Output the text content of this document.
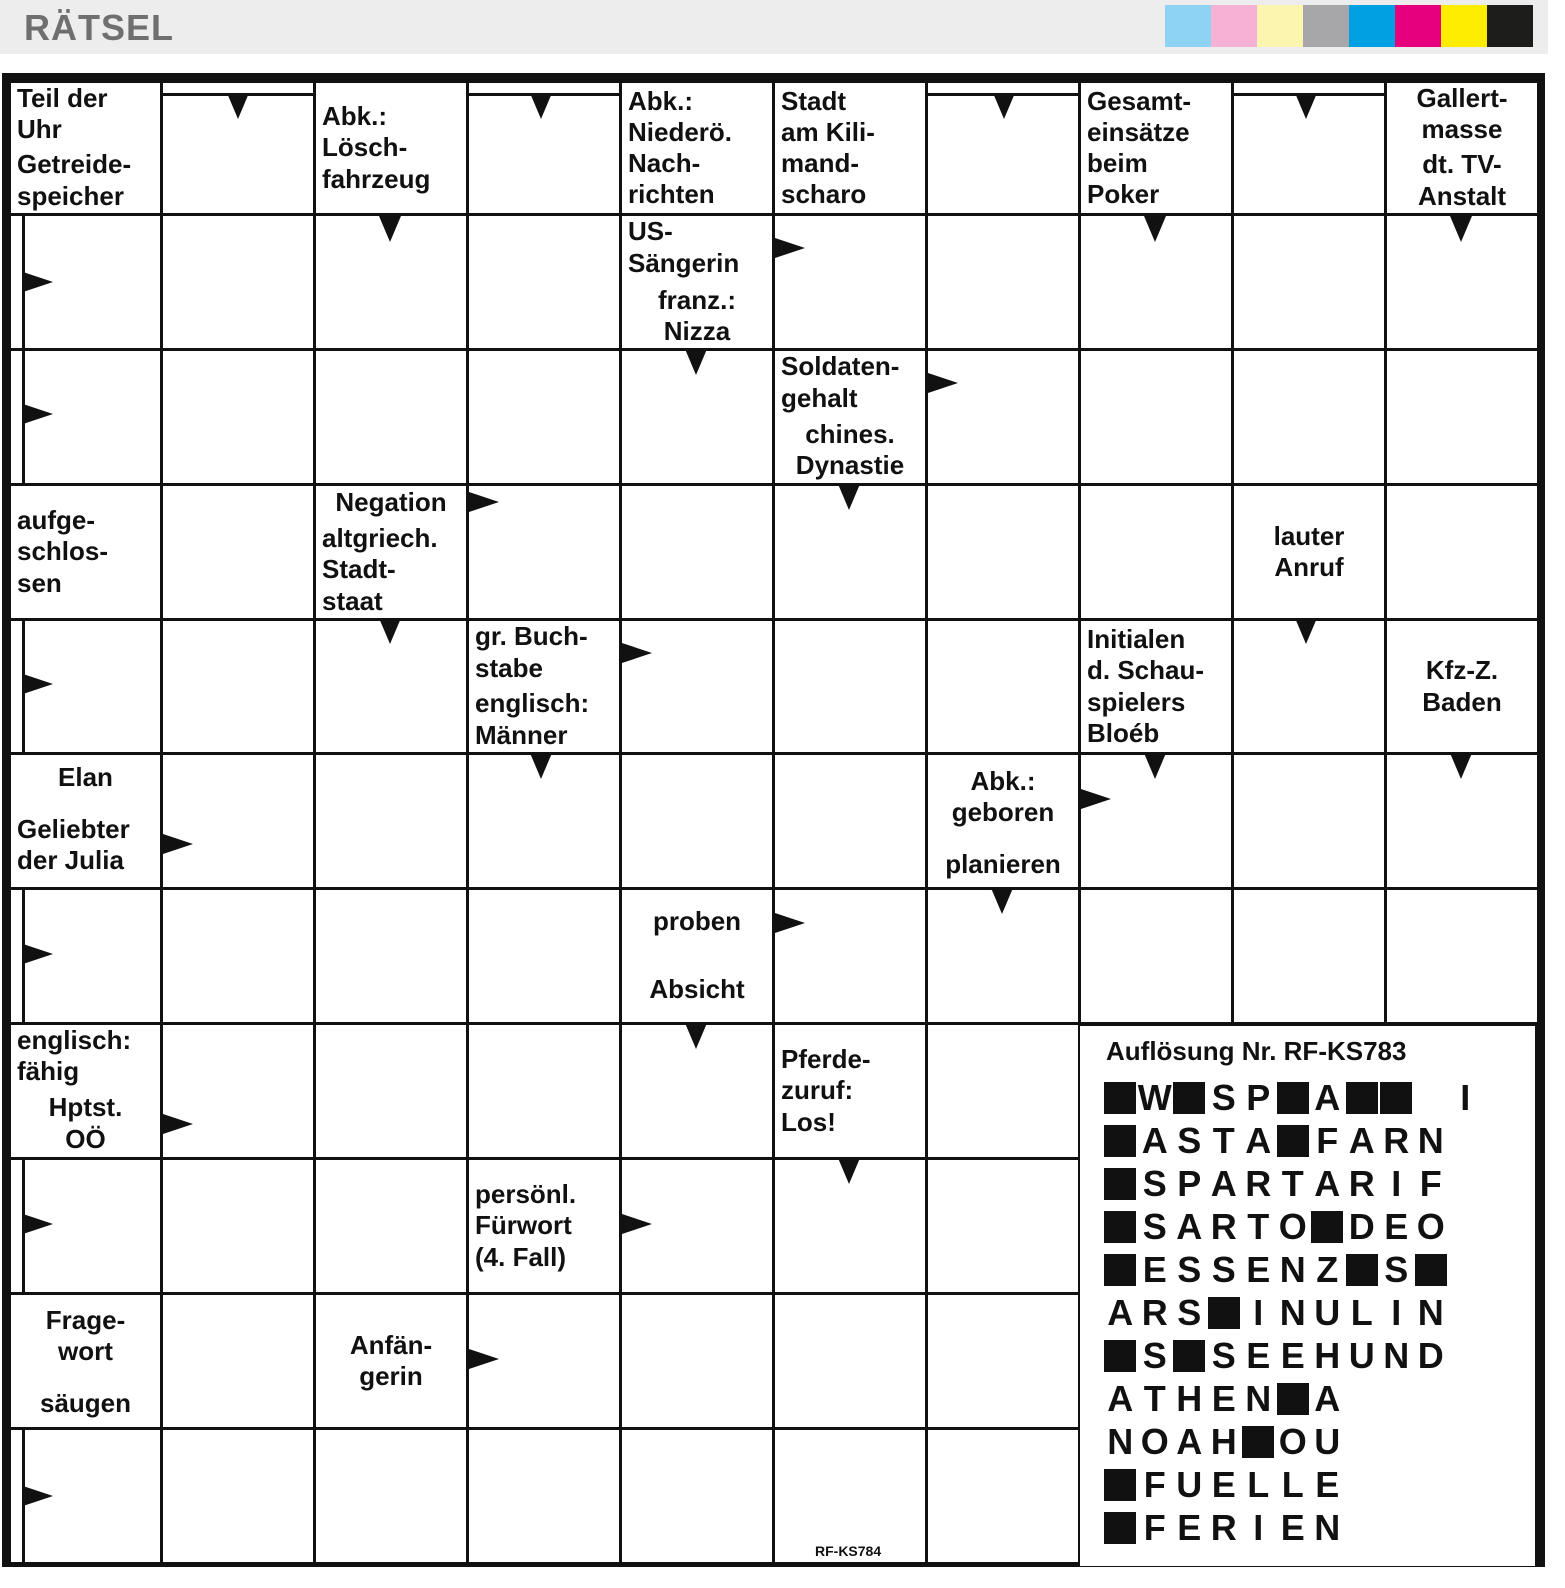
RÄTSEL
Teil der
Uhr
Getreide-
speicher
Abk.:
Lösch-
fahrzeug
Abk.:
Niederö.
Nach-
richten
Stadt
am Kili-
mand-
scharo
Gesamt-
einsätze
beim
Poker
Gallert-
masse
dt. TV-
Anstalt
US-
Sängerin
franz.:
Nizza
Soldaten-
gehalt
chines.
Dynastie
aufge-
schlos-
sen
Negation
altgriech.
Stadt-
staat
lauter
Anruf
gr. Buch-
stabe
englisch:
Männer
Initialen
d. Schau-
spielers
Bloéb
Kfz-Z.
Baden
Elan
Geliebter
der Julia
Abk.:
geboren
planieren
proben
Absicht
englisch:
fähig
Hptst.
OÖ
Pferde-
zuruf:
Los!
persönl.
Fürwort
(4. Fall)
Frage-
wort
säugen
Anfän-
gerin
Auflösung Nr. RF-KS783
W S P A	I
A S T A F A R N
S P A R T A R I F
S A R T O D E O
E S S E N Z S
A R S	I N U L I N
S S E E H U N D
A T H E N A
N O A H O U
F U E L L E
F E R I E N

RF-KS784
